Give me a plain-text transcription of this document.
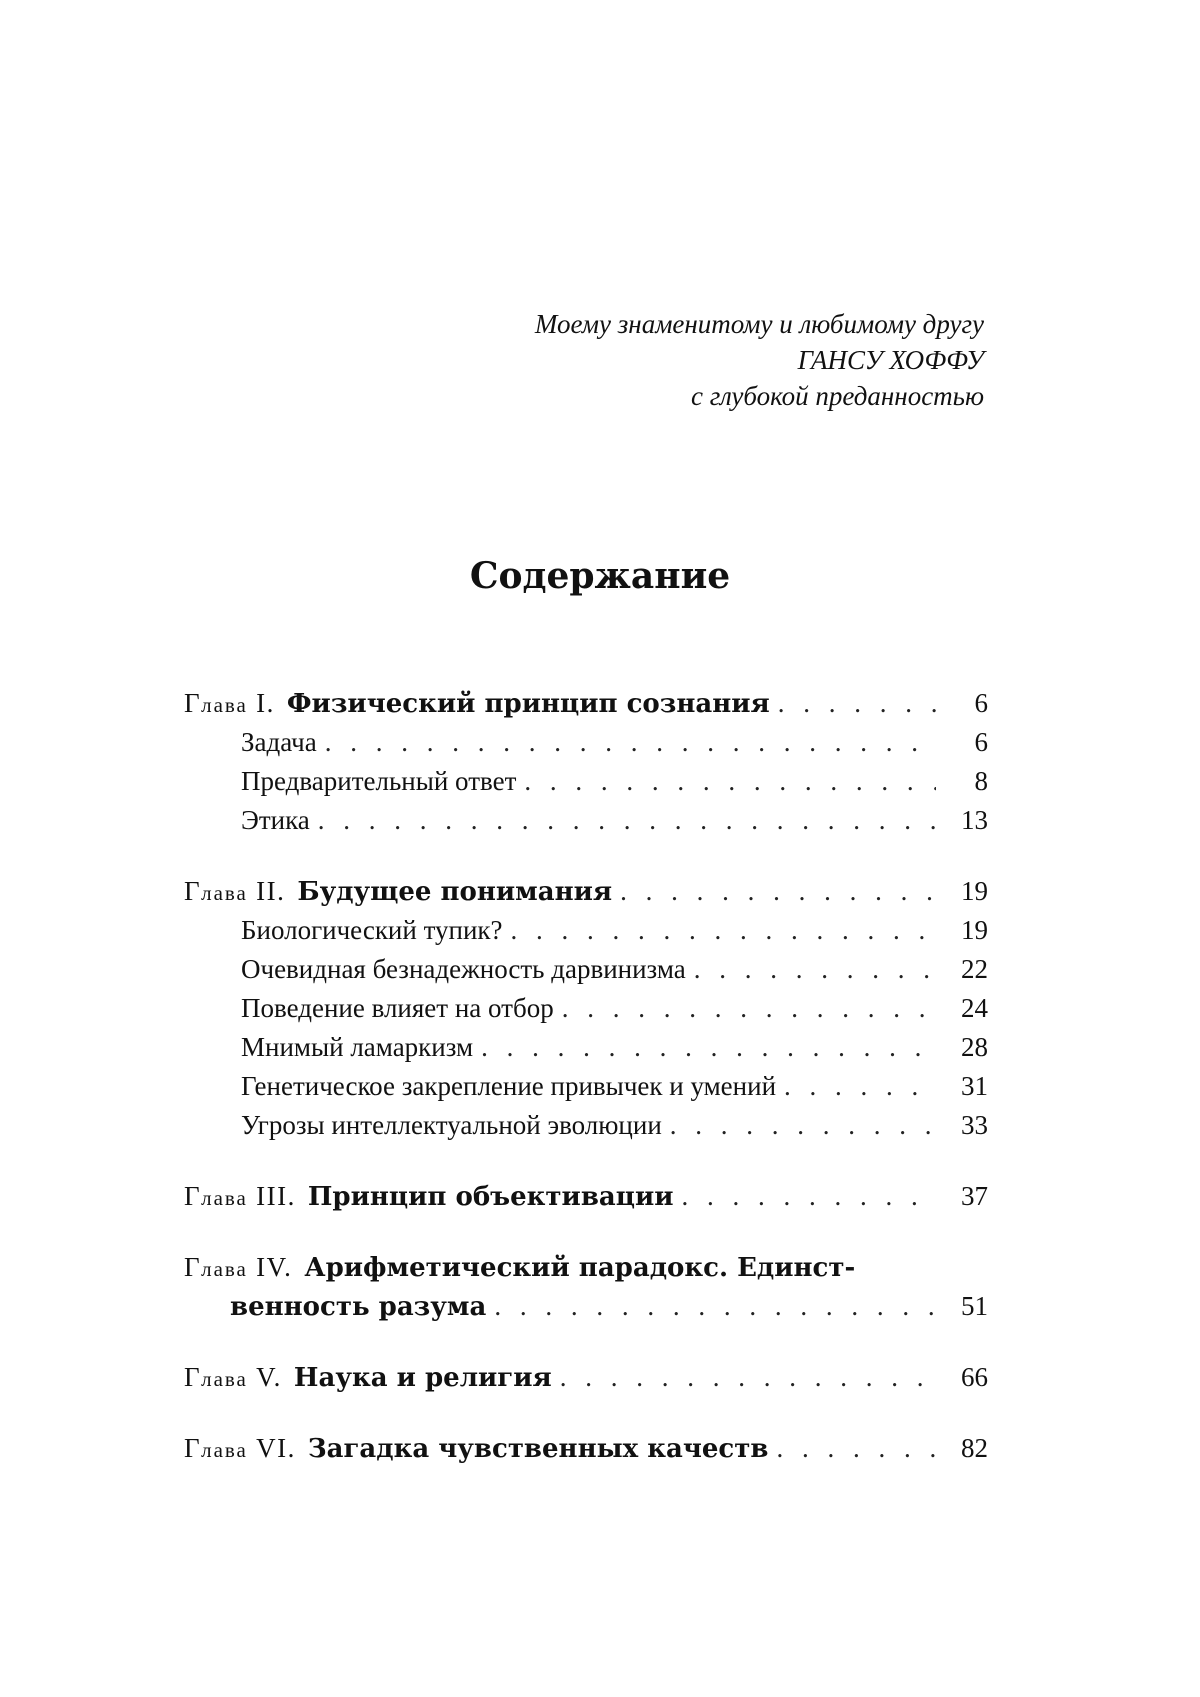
Моему знаменитому и любимому другу
ГАНСУ ХОФФУ
с глубокой преданностью
Содержание
Глава I. Физический принцип сознания . . .	6
Задача . . .	6
Предварительный ответ . . .	8
Этика . . .	13
Глава II. Будущее понимания . . .	19
Биологический тупик? . . .	19
Очевидная безнадежность дарвинизма . . .	22
Поведение влияет на отбор . . .	24
Мнимый ламаркизм . . .	28
Генетическое закрепление привычек и умений . . .	31
Угрозы интеллектуальной эволюции . . .	33
Глава III. Принцип объективации . . .	37
Глава IV. Арифметический парадокс. Единст-
венность разума . . .	51
Глава V. Наука и религия . . .	66
Глава VI. Загадка чувственных качеств . . .	82
